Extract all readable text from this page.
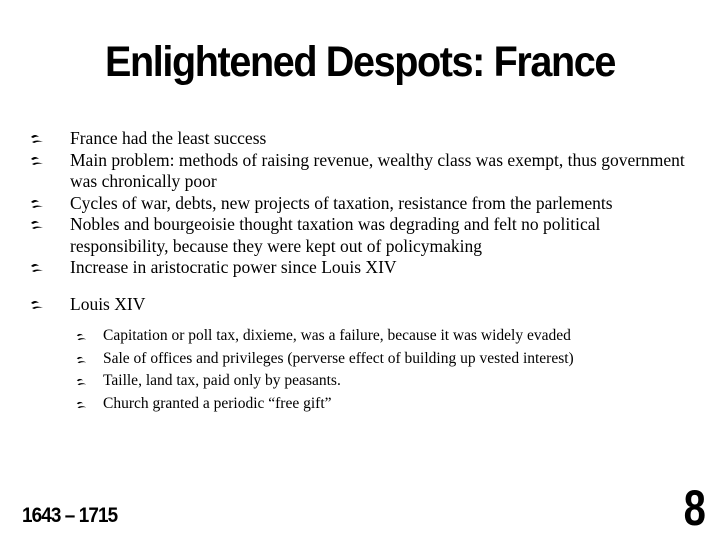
Enlightened Despots: France
France had the least success
Main problem: methods of raising revenue, wealthy class was exempt, thus government was chronically poor
Cycles of war, debts, new projects of taxation, resistance from the parlements
Nobles and bourgeoisie thought taxation was degrading and felt no political responsibility, because they were kept out of policymaking
Increase in aristocratic power since Louis XIV
Louis XIV
Capitation or poll tax, dixieme, was a failure, because it was widely evaded
Sale of offices and privileges (perverse effect of building up vested interest)
Taille, land tax, paid only by peasants.
Church granted a periodic “free gift”
1643 – 1715	8
